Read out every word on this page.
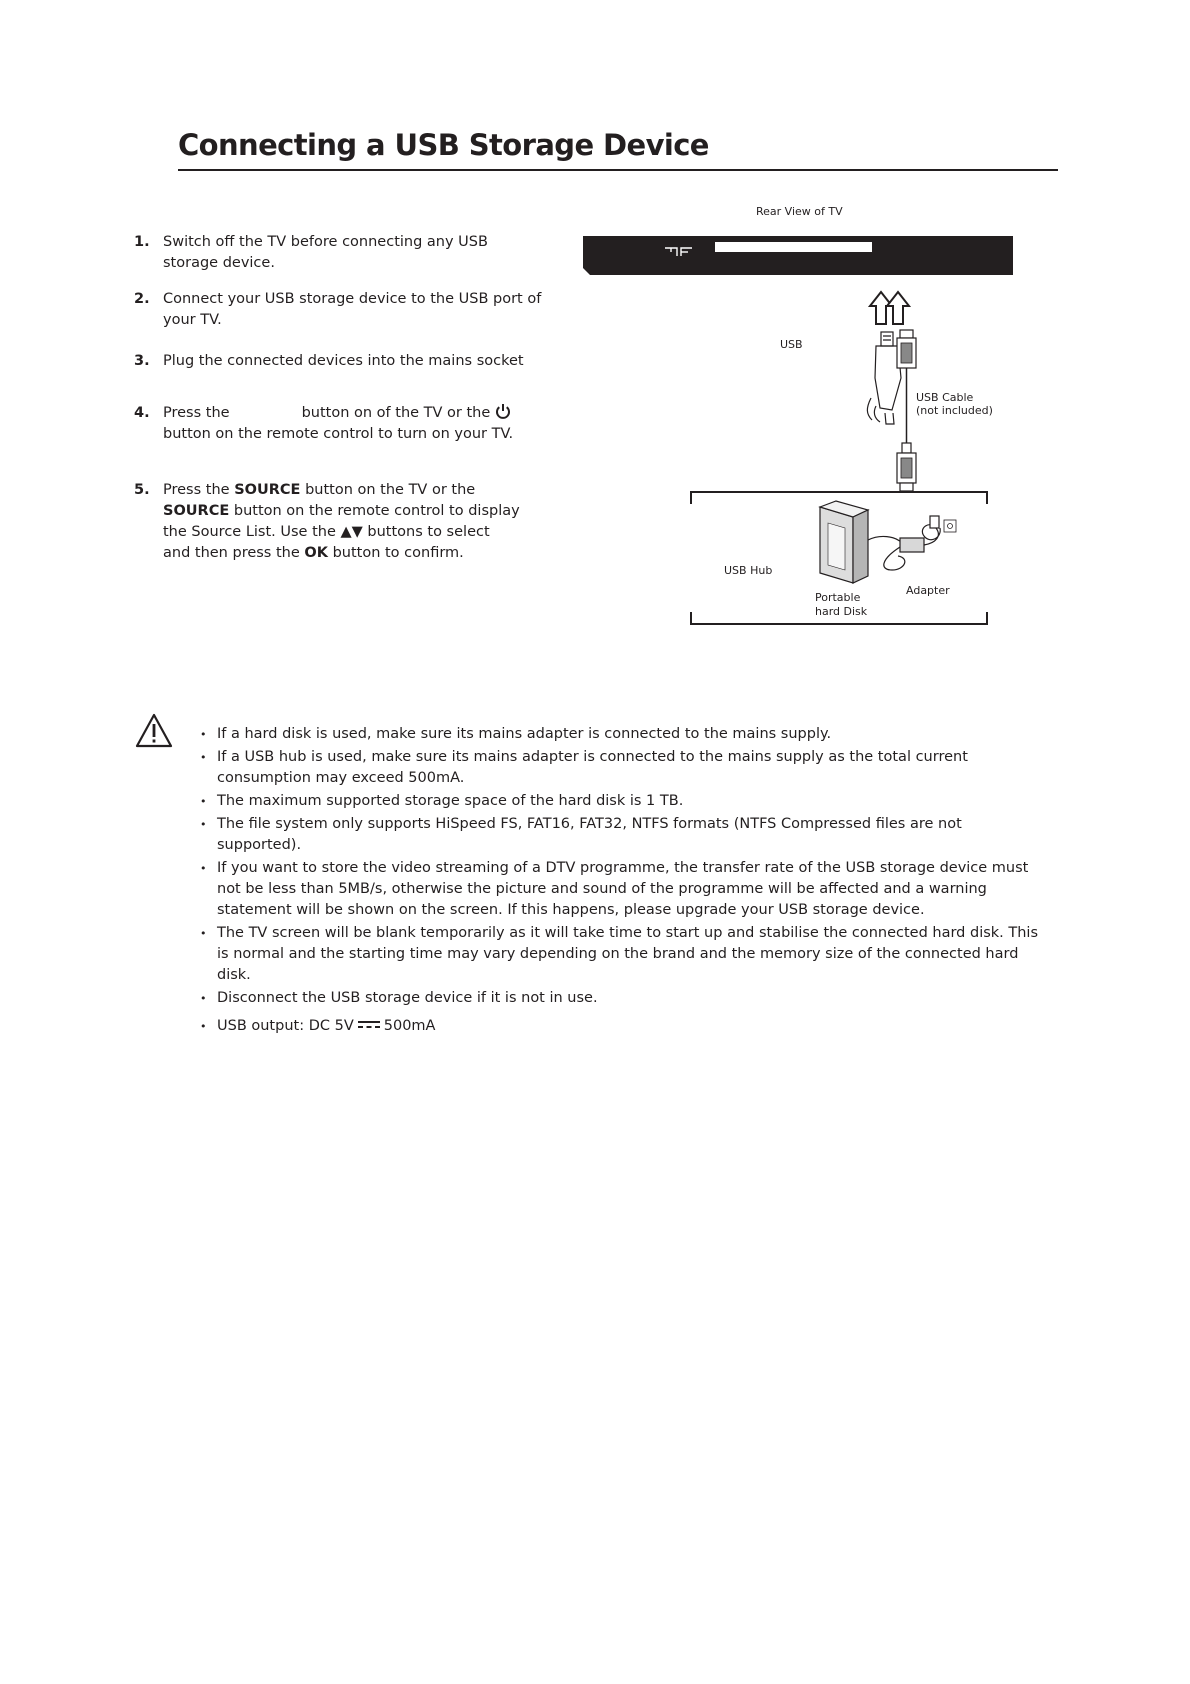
Connecting a USB Storage Device
1. Switch off the TV before connecting any USB storage device.
2. Connect your USB storage device to the USB port of your TV.
3. Plug the connected devices into the mains socket
4. Press the	button on of the TV or the
button on the remote control to turn on your TV.
5. Press the SOURCE button on the TV or the SOURCE button on the remote control to display the Source List. Use the ▲▼ buttons to selectand then press the OK button to confirm.
Rear View of TV
USB
USB Cable
(not included)
USB Hub
Portable
hard Disk
Adapter
• If a hard disk is used, make sure its mains adapter is connected to the mains supply.
• If a USB hub is used, make sure its mains adapter is connected to the mains supply as the total current consumption may exceed 500mA.
• The maximum supported storage space of the hard disk is 1 TB.
• The file system only supports HiSpeed FS, FAT16, FAT32, NTFS formats (NTFS Compressed files are not supported).
• If you want to store the video streaming of a DTV programme, the transfer rate of the USB storage device must not be less than 5MB/s, otherwise the picture and sound of the programme will be affected and a warning statement will be shown on the screen. If this happens, please upgrade your USB storage device.
• The TV screen will be blank temporarily as it will take time to start up and stabilise the connected hard disk. This is normal and the starting time may vary depending on the brand and the memory size of the connected hard disk.
• Disconnect the USB storage device if it is not in use.
• USB output: DC 5V 500mA
